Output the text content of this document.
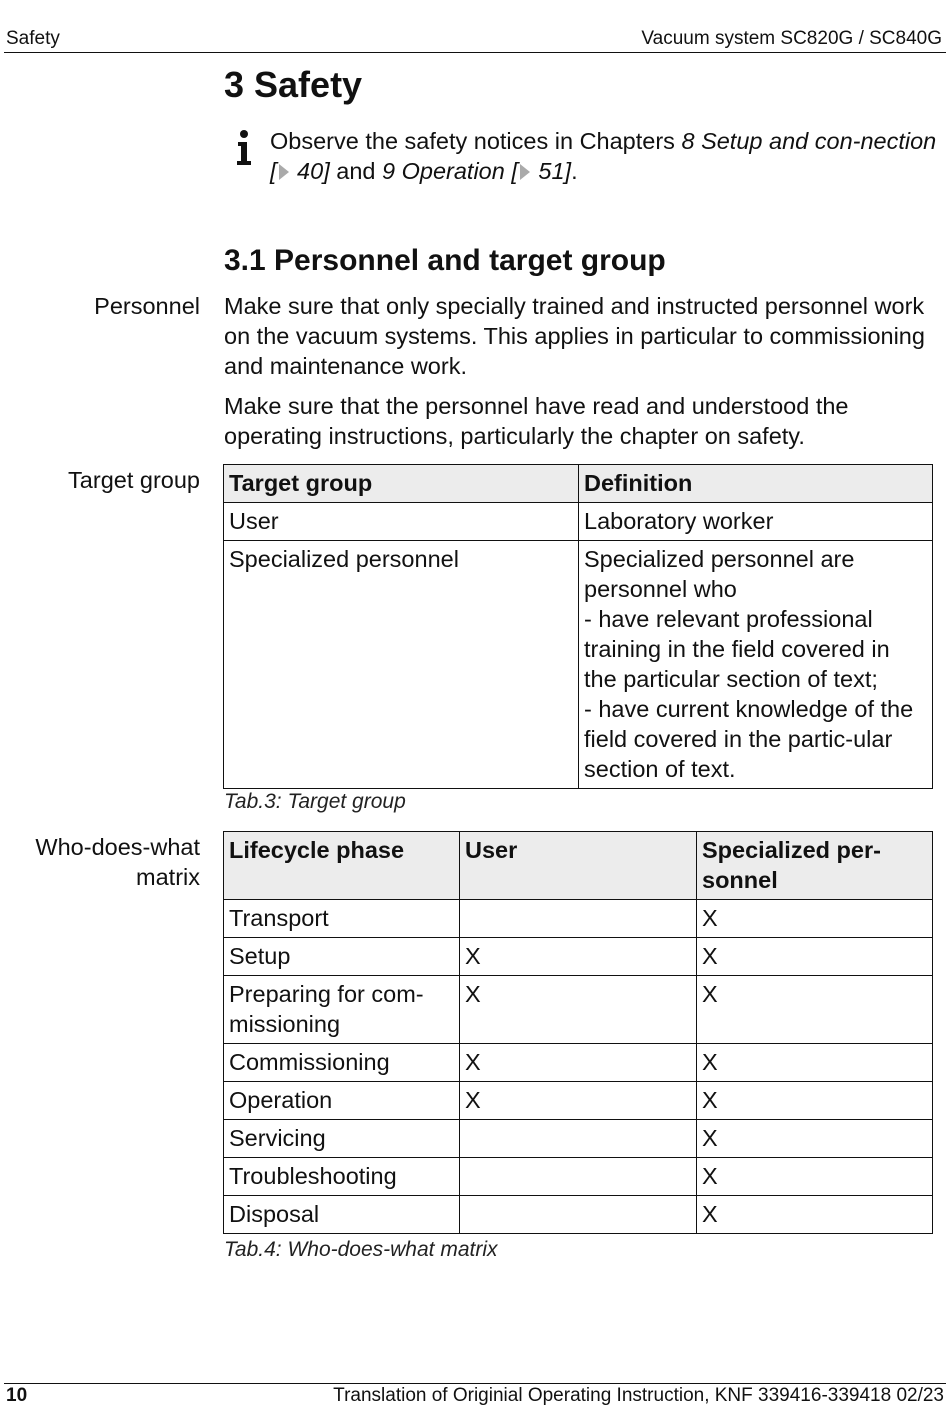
Safety	Vacuum system SC820G / SC840G
3 Safety
Observe the safety notices in Chapters 8 Setup and con-nection [ 40] and 9 Operation [ 51].
3.1 Personnel and target group
Personnel Make sure that only specially trained and instructed personnel work on the vacuum systems. This applies in particular to commissioning and maintenance work.
Make sure that the personnel have read and understood the operating instructions, particularly the chapter on safety.
Target group Target group	Definition
User	Laboratory worker
Specialized personnel	Specialized personnel are personnel who
- have relevant professional training in the field covered in the particular section of text;
- have current knowledge of the field covered in the partic-ular section of text.
Tab.3: Target group
Who-does-what
matrix
Lifecycle phase	User	Specialized per-sonnel
Transport		X
Setup	X	X
Preparing for com-missioning	X	X
Commissioning	X	X
Operation	X	X
Servicing		X
Troubleshooting		X
Disposal		X
Tab.4: Who-does-what matrix
10	Translation of Originial Operating Instruction, KNF 339416-339418 02/23
